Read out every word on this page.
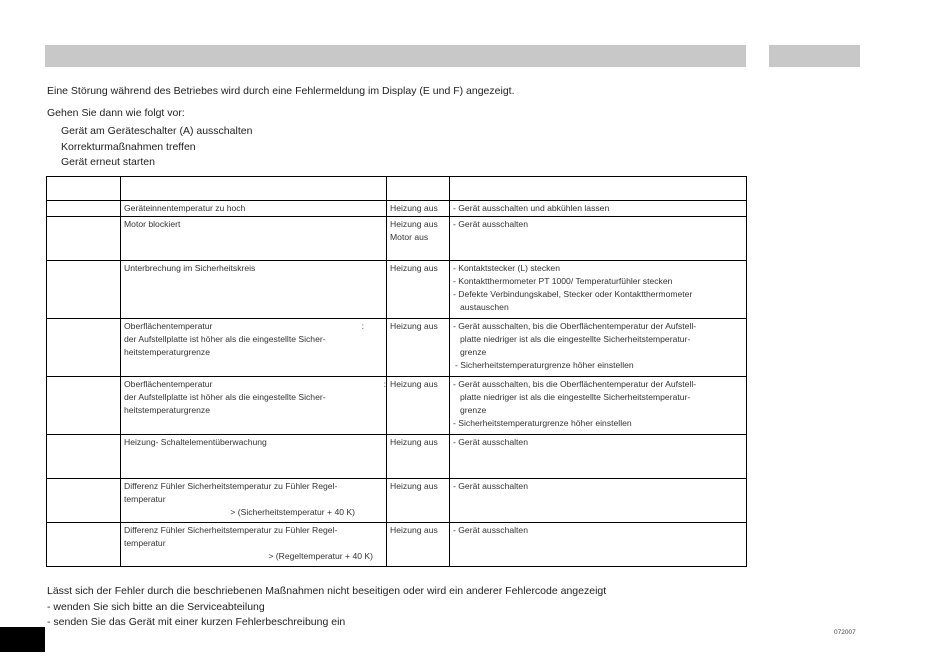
Eine Störung während des Betriebes wird durch eine Fehlermeldung im Display (E und F) angezeigt.
Gehen Sie dann wie folgt vor:
Gerät am Geräteschalter (A) ausschalten
Korrekturmaßnahmen treffen
Gerät erneut starten

	Geräteinnentemperatur zu hoch	Heizung aus	- Gerät ausschalten und abkühlen lassen
	Motor blockiert	Heizung aus
Motor aus	- Gerät ausschalten
	Unterbrechung im Sicherheitskreis	Heizung aus	- Kontaktstecker (L) stecken
- Kontaktthermometer PT 1000/ Temperaturfühler stecken
- Defekte Verbindungskabel, Stecker oder Kontaktthermometer
austauschen

	Oberflächentemperatur :
der Aufstellplatte ist höher als die eingestellte Sicher-
heitstemperaturgrenze	Heizung aus	- Gerät ausschalten, bis die Oberflächentemperatur der Aufstell-
platte niedriger ist als die eingestellte Sicherheitstemperatur-
grenze
- Sicherheitstemperaturgrenze höher einstellen

	Oberflächentemperatur :
der Aufstellplatte ist höher als die eingestellte Sicher-
heitstemperaturgrenze	Heizung aus	- Gerät ausschalten, bis die Oberflächentemperatur der Aufstell-
platte niedriger ist als die eingestellte Sicherheitstemperatur-
grenze
- Sicherheitstemperaturgrenze höher einstellen

	Heizung- Schaltelementüberwachung	Heizung aus	- Gerät ausschalten

	Differenz Fühler Sicherheitstemperatur zu Fühler Regel-
temperatur
> (Sicherheitstemperatur + 40 K)	Heizung aus	- Gerät ausschalten

	Differenz Fühler Sicherheitstemperatur zu Fühler Regel-
temperatur
> (Regeltemperatur + 40 K)	Heizung aus	- Gerät ausschalten
Lässt sich der Fehler durch die beschriebenen Maßnahmen nicht beseitigen oder wird ein anderer Fehlercode angezeigt
- wenden Sie sich bitte an die Serviceabteilung
- senden Sie das Gerät mit einer kurzen Fehlerbeschreibung ein
072007
